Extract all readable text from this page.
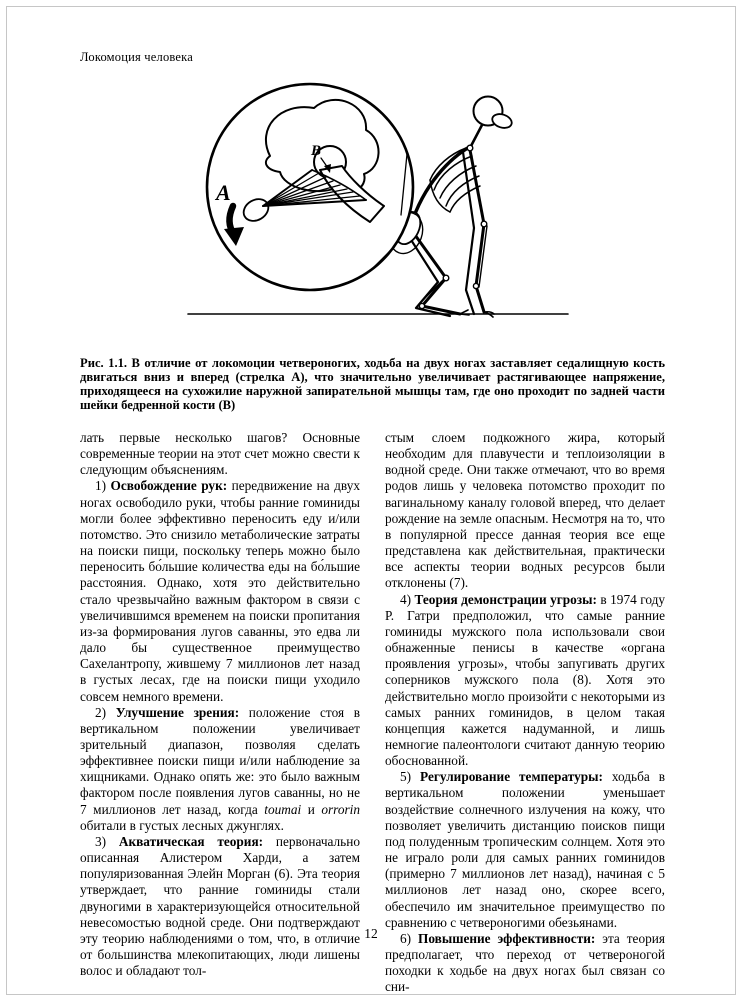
Локомоция человека
А
В
Рис. 1.1. В отличие от локомоции четвероногих, ходьба на двух ногах заставляет седалищную кость двигаться вниз и вперед (стрелка А), что значительно увеличивает растягивающее напряжение, приходящееся на сухожилие наружной запирательной мышцы там, где оно проходит по задней части шейки бедренной кости (В)

лать первые несколько шагов? Основные современные теории на этот счет можно свести к следующим объяснениям.

1) Освобождение рук: передвижение на двух ногах освободило руки, чтобы ранние гоминиды могли более эффективно переносить еду и/или потомство. Это снизило метаболические затраты на поиски пищи, поскольку теперь можно было переносить бо́льшие количества еды на бо́льшие расстояния. Однако, хотя это действительно стало чрезвычайно важным фактором в связи с увеличившимся временем на поиски пропитания из-за формирования лугов саванны, это едва ли дало бы существенное преимущество Сахелантропу, жившему 7 миллионов лет назад в густых лесах, где на поиски пищи уходило совсем немного времени.

2) Улучшение зрения: положение стоя в вертикальном положении увеличивает зрительный диапазон, позволяя сделать эффективнее поиски пищи и/или наблюдение за хищниками. Однако опять же: это было важным фактором после появления лугов саванны, но не 7 миллионов лет назад, когда toumai и orrorin обитали в густых лесных джунглях.

3) Акватическая теория: первоначально описанная Алистером Харди, а затем популяризованная Элейн Морган (6). Эта теория утверждает, что ранние гоминиды стали двуногими в характеризующейся относительной невесомостью водной среде. Они подтверждают эту теорию наблюдениями о том, что, в отличие от большинства млекопитающих, люди лишены волос и обладают тол-

стым слоем подкожного жира, который необходим для плавучести и теплоизоляции в водной среде. Они также отмечают, что во время родов лишь у человека потомство проходит по вагинальному каналу головой вперед, что делает рождение на земле опасным. Несмотря на то, что в популярной прессе данная теория все еще представлена как действительная, практически все аспекты теории водных ресурсов были отклонены (7).

4) Теория демонстрации угрозы: в 1974 году Р. Гатри предположил, что самые ранние гоминиды мужского пола использовали свои обнаженные пенисы в качестве «органа проявления угрозы», чтобы запугивать других соперников мужского пола (8). Хотя это действительно могло произойти с некоторыми из самых ранних гоминидов, в целом такая концепция кажется надуманной, и лишь немногие палеонтологи считают данную теорию обоснованной.

5) Регулирование температуры: ходьба в вертикальном положении уменьшает воздействие солнечного излучения на кожу, что позволяет увеличить дистанцию поисков пищи под полуденным тропическим солнцем. Хотя это не играло роли для самых ранних гоминидов (примерно 7 миллионов лет назад), начиная с 5 миллионов лет назад оно, скорее всего, обеспечило им значительное преимущество по сравнению с четвероногими обезьянами.

6) Повышение эффективности: эта теория предполагает, что переход от четвероногой походки к ходьбе на двух ногах был связан со сни-

12
